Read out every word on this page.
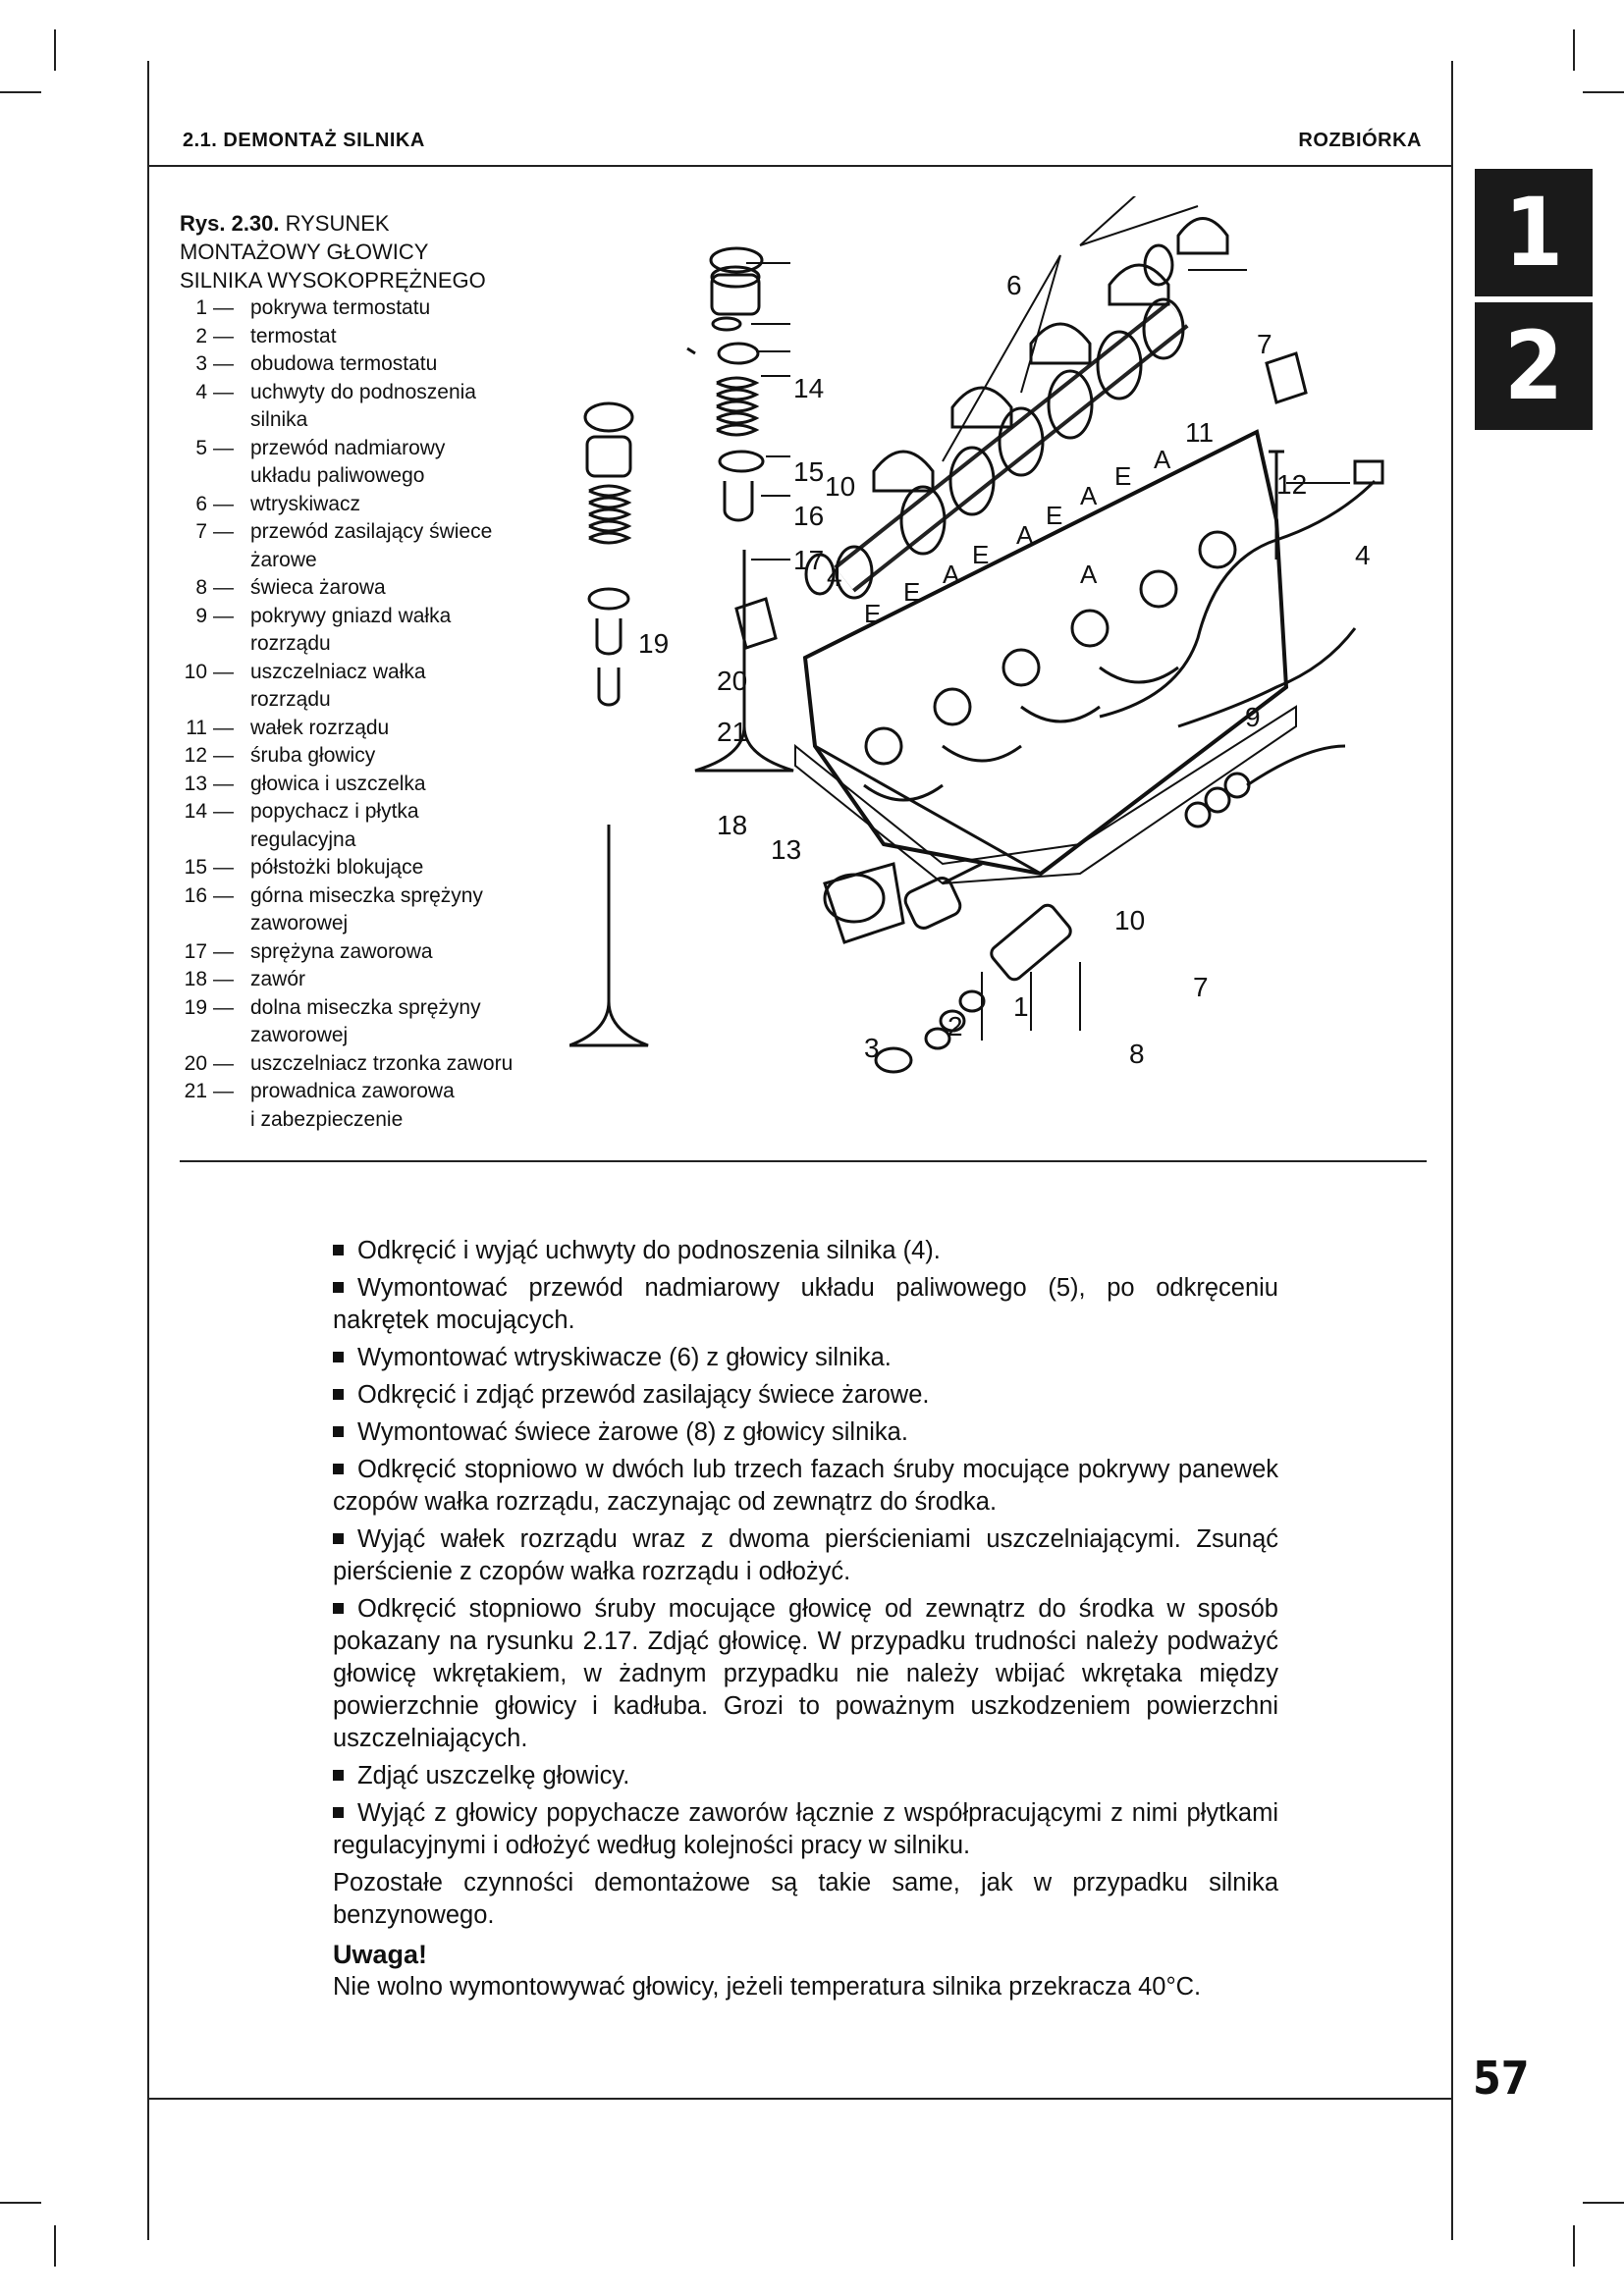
2.1. DEMONTAŻ SILNIKA	ROZBIÓRKA
1
2
Rys. 2.30. RYSUNEK
MONTAŻOWY GŁOWICY
SILNIKA WYSOKOPRĘŻNEGO
1 — pokrywa termostatu
2 — termostat
3 — obudowa termostatu
4 — uchwyty do podnoszenia
silnika
5 — przewód nadmiarowy
układu paliwowego
6 — wtryskiwacz
7 — przewód zasilający świece
żarowe
8 — świeca żarowa
9 — pokrywy gniazd wałka
rozrządu
10 — uszczelniacz wałka
rozrządu
11 — wałek rozrządu
12 — śruba głowicy
13 — głowica i uszczelka
14 — popychacz i płytka
regulacyjna
15 — półstożki blokujące
16 — górna miseczka sprężyny
zaworowej
17 — sprężyna zaworowa
18 — zawór
19 — dolna miseczka sprężyny
zaworowej
20 — uszczelniacz trzonka zaworu
21 — prowadnica zaworowa
i zabezpieczenie
6
7
14
15
16
17
4
10
11
12
4
19
20
21	9
18
13
10
7
1
2
3	8
A
A
A
A	A
E
E
E
E
E

Odkręcić i wyjąć uchwyty do podnoszenia silnika (4).

Wymontować przewód nadmiarowy układu paliwowego (5), po odkręceniu nakrętek mocujących.

Wymontować wtryskiwacze (6) z głowicy silnika.

Odkręcić i zdjąć przewód zasilający świece żarowe.

Wymontować świece żarowe (8) z głowicy silnika.

Odkręcić stopniowo w dwóch lub trzech fazach śruby mocujące pokrywy panewek czopów wałka rozrządu, zaczynając od zewnątrz do środka.

Wyjąć wałek rozrządu wraz z dwoma pierścieniami uszczelniającymi. Zsunąć pierścienie z czopów wałka rozrządu i odłożyć.

Odkręcić stopniowo śruby mocujące głowicę od zewnątrz do środka w sposób pokazany na rysunku 2.17. Zdjąć głowicę. W przypadku trudności należy podważyć głowicę wkrętakiem, w żadnym przypadku nie należy wbijać wkrętaka między powierzchnie głowicy i kadłuba. Grozi to poważnym uszkodzeniem powierzchni uszczelniających.

Zdjąć uszczelkę głowicy.

Wyjąć z głowicy popychacze zaworów łącznie z współpracującymi z nimi płytkami regulacyjnymi i odłożyć według kolejności pracy w silniku.

Pozostałe czynności demontażowe są takie same, jak w przypadku silnika benzynowego.

Uwaga!

Nie wolno wymontowywać głowicy, jeżeli temperatura silnika przekracza 40°C.

57
